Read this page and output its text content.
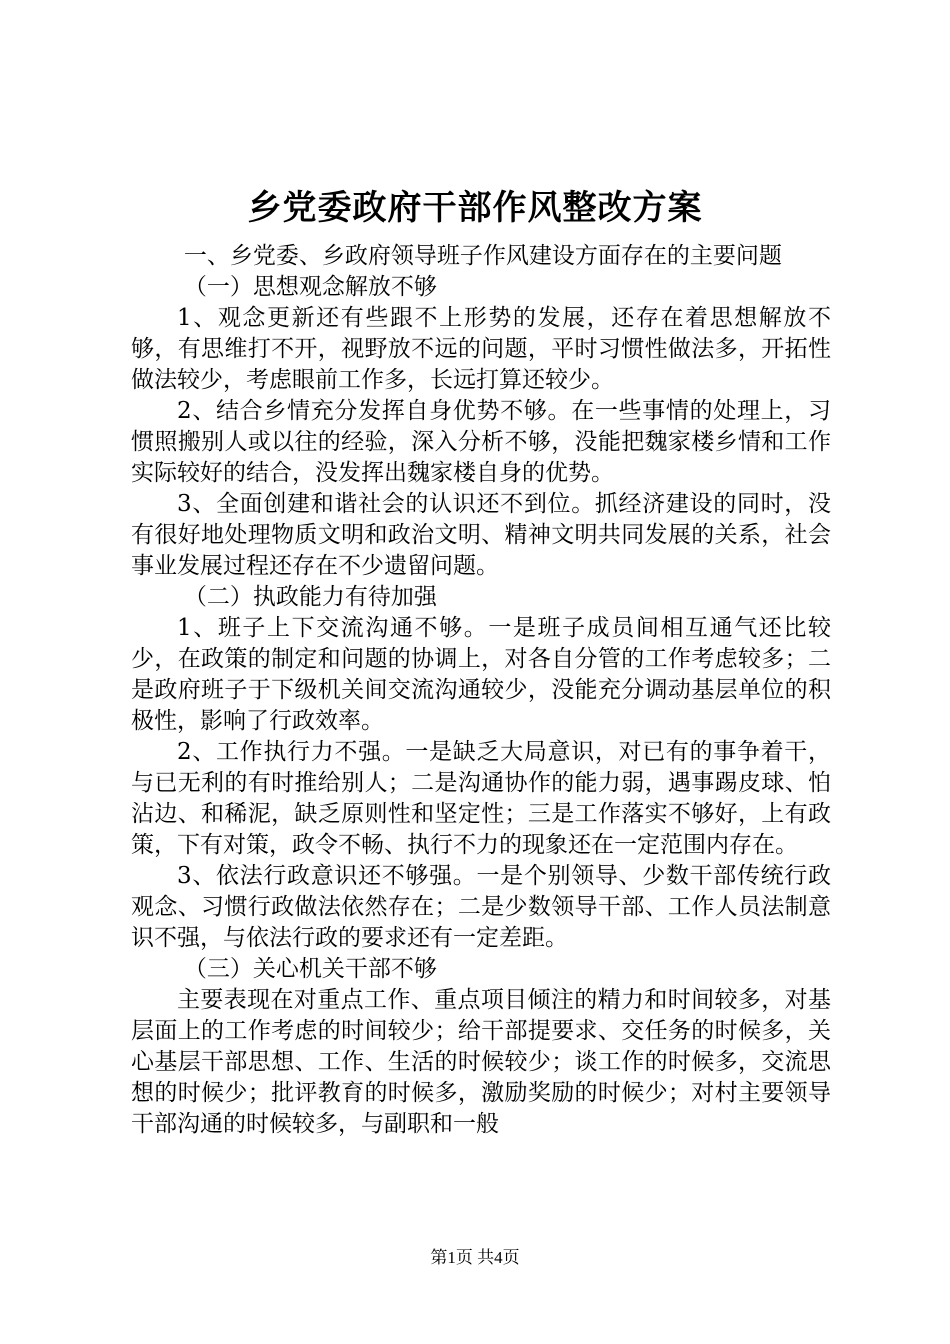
乡党委政府干部作风整改方案

一、乡党委、乡政府领导班子作风建设方面存在的主要问题

（一）思想观念解放不够

1、观念更新还有些跟不上形势的发展，还存在着思想解放不够，有思维打不开，视野放不远的问题，平时习惯性做法多，开拓性做法较少，考虑眼前工作多，长远打算还较少。

2、结合乡情充分发挥自身优势不够。在一些事情的处理上，习惯照搬别人或以往的经验，深入分析不够，没能把魏家楼乡情和工作实际较好的结合，没发挥出魏家楼自身的优势。

3、全面创建和谐社会的认识还不到位。抓经济建设的同时，没有很好地处理物质文明和政治文明、精神文明共同发展的关系，社会事业发展过程还存在不少遗留问题。

（二）执政能力有待加强

1、班子上下交流沟通不够。一是班子成员间相互通气还比较少，在政策的制定和问题的协调上，对各自分管的工作考虑较多；二是政府班子于下级机关间交流沟通较少，没能充分调动基层单位的积极性，影响了行政效率。

2、工作执行力不强。一是缺乏大局意识，对已有的事争着干，与已无利的有时推给别人；二是沟通协作的能力弱，遇事踢皮球、怕沾边、和稀泥，缺乏原则性和坚定性；三是工作落实不够好，上有政策，下有对策，政令不畅、执行不力的现象还在一定范围内存在。

3、依法行政意识还不够强。一是个别领导、少数干部传统行政观念、习惯行政做法依然存在；二是少数领导干部、工作人员法制意识不强，与依法行政的要求还有一定差距。

（三）关心机关干部不够

主要表现在对重点工作、重点项目倾注的精力和时间较多，对基层面上的工作考虑的时间较少；给干部提要求、交任务的时候多，关心基层干部思想、工作、生活的时候较少；谈工作的时候多，交流思想的时候少；批评教育的时候多，激励奖励的时候少；对村主要领导干部沟通的时候较多，与副职和一般

第1页 共4页
